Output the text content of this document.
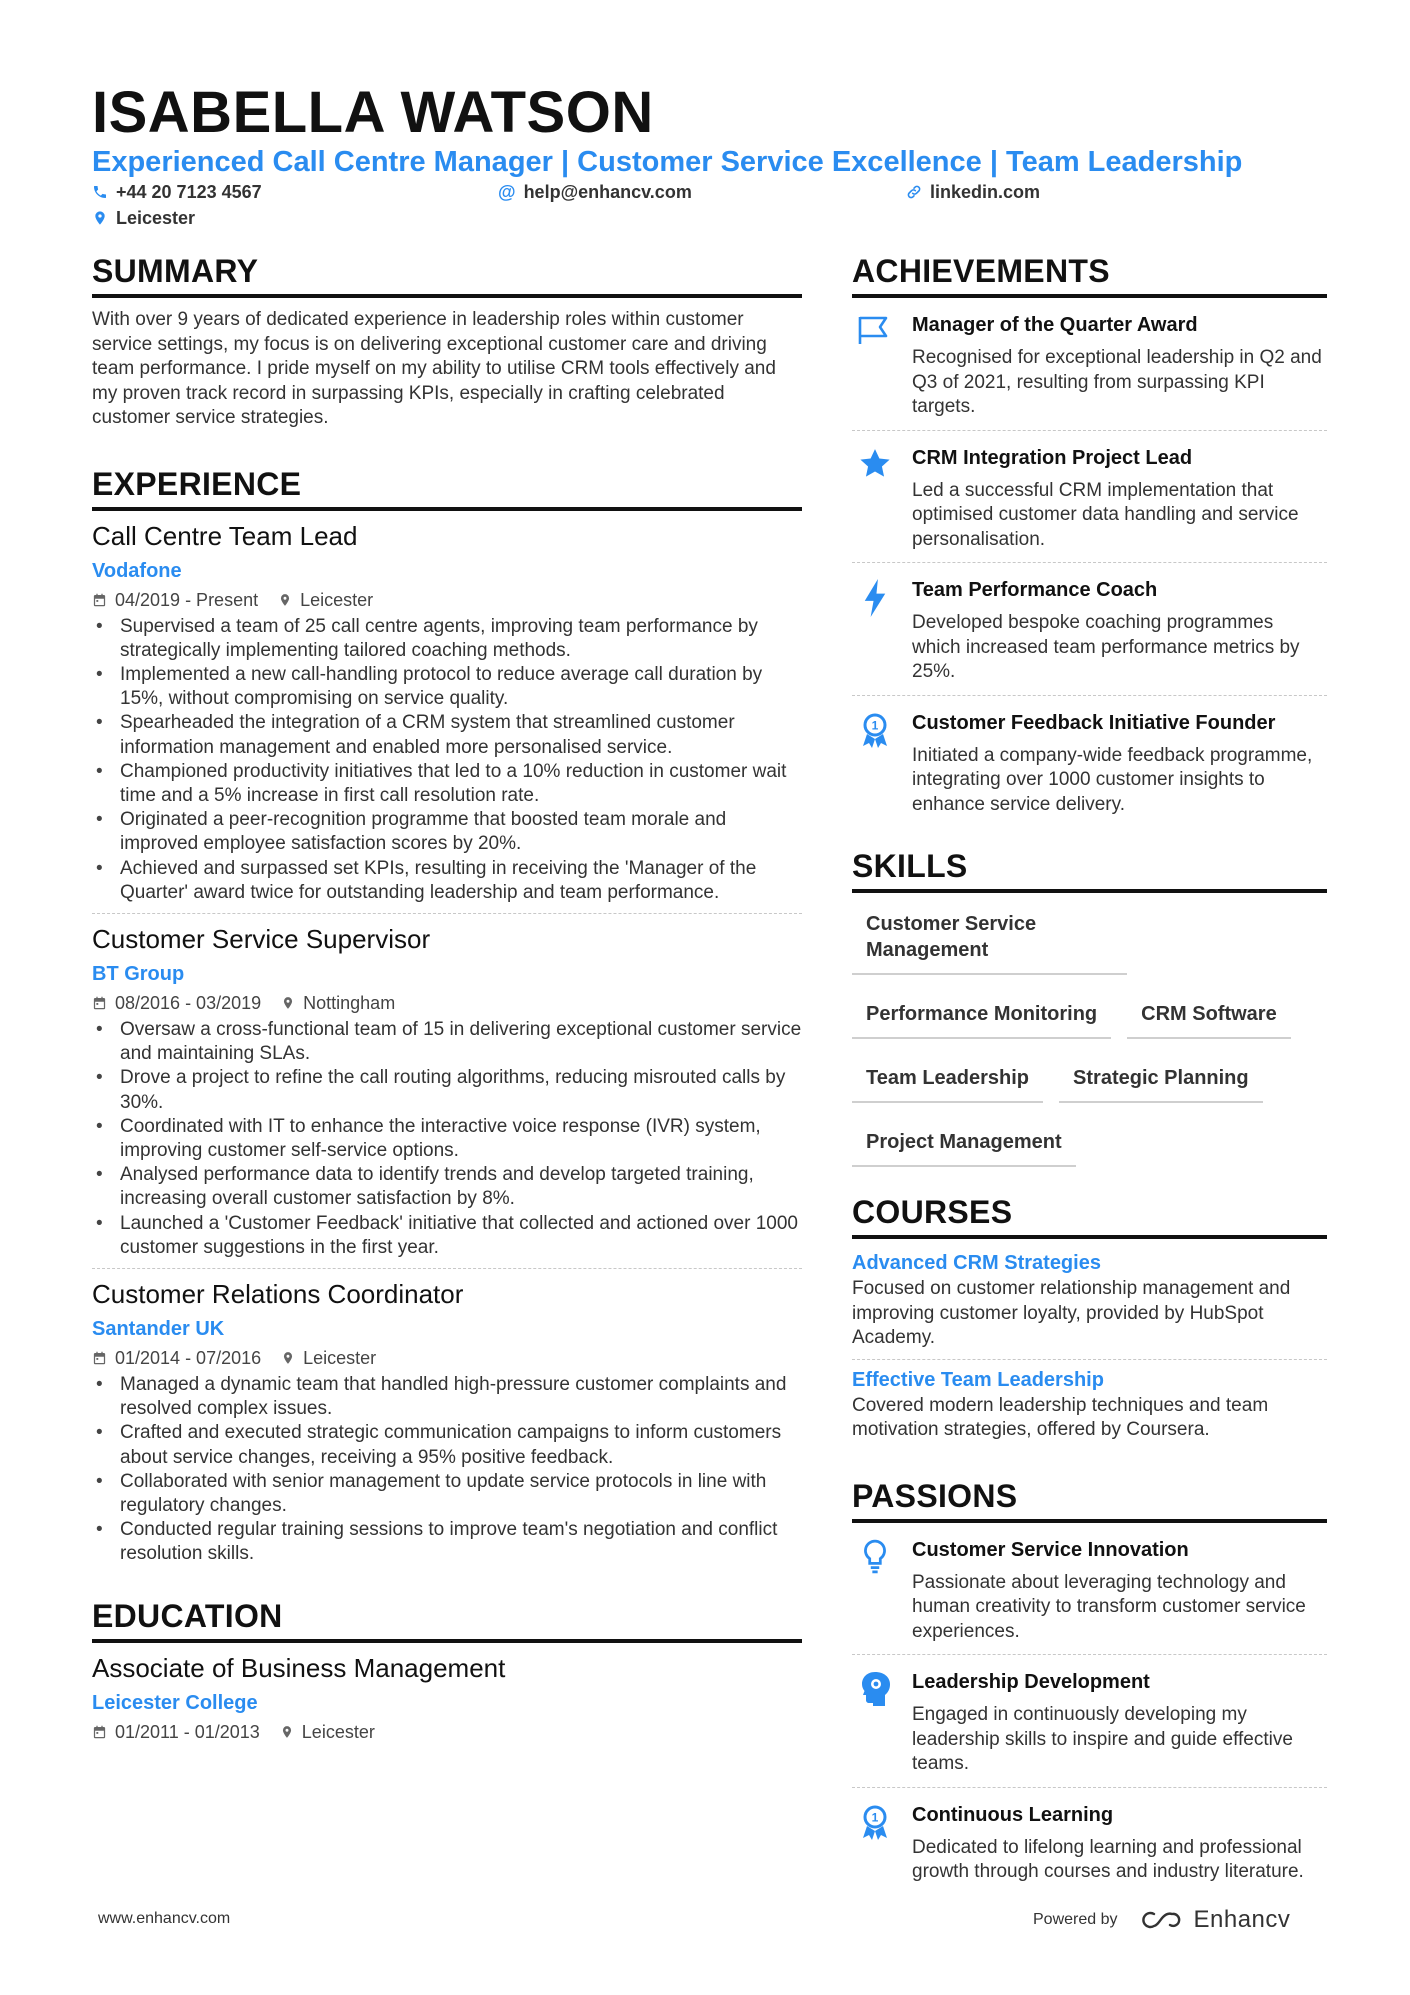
ISABELLA WATSON
Experienced Call Centre Manager | Customer Service Excellence | Team Leadership
+44 20 7123 4567	@ help@enhancv.com	linkedin.com
Leicester
SUMMARY
With over 9 years of dedicated experience in leadership roles within customer service settings, my focus is on delivering exceptional customer care and driving team performance. I pride myself on my ability to utilise CRM tools effectively and my proven track record in surpassing KPIs, especially in crafting celebrated customer service strategies.
EXPERIENCE
Call Centre Team Lead
Vodafone
04/2019 - Present Leicester
• Supervised a team of 25 call centre agents, improving team performance by strategically implementing tailored coaching methods.
• Implemented a new call-handling protocol to reduce average call duration by 15%, without compromising on service quality.
• Spearheaded the integration of a CRM system that streamlined customer information management and enabled more personalised service.
• Championed productivity initiatives that led to a 10% reduction in customer wait time and a 5% increase in first call resolution rate.
• Originated a peer-recognition programme that boosted team morale and improved employee satisfaction scores by 20%.
• Achieved and surpassed set KPIs, resulting in receiving the 'Manager of the Quarter' award twice for outstanding leadership and team performance.
Customer Service Supervisor
BT Group
08/2016 - 03/2019 Nottingham
• Oversaw a cross-functional team of 15 in delivering exceptional customer service and maintaining SLAs.
• Drove a project to refine the call routing algorithms, reducing misrouted calls by 30%.
• Coordinated with IT to enhance the interactive voice response (IVR) system, improving customer self-service options.
• Analysed performance data to identify trends and develop targeted training, increasing overall customer satisfaction by 8%.
• Launched a 'Customer Feedback' initiative that collected and actioned over 1000 customer suggestions in the first year.
Customer Relations Coordinator
Santander UK
01/2014 - 07/2016 Leicester
• Managed a dynamic team that handled high-pressure customer complaints and resolved complex issues.
• Crafted and executed strategic communication campaigns to inform customers about service changes, receiving a 95% positive feedback.
• Collaborated with senior management to update service protocols in line with regulatory changes.
• Conducted regular training sessions to improve team's negotiation and conflict resolution skills.
EDUCATION
Associate of Business Management
Leicester College
01/2011 - 01/2013 Leicester
ACHIEVEMENTS
Manager of the Quarter Award
Recognised for exceptional leadership in Q2 and Q3 of 2021, resulting from surpassing KPI targets.
CRM Integration Project Lead
Led a successful CRM implementation that optimised customer data handling and service personalisation.
Team Performance Coach
Developed bespoke coaching programmes which increased team performance metrics by 25%.
1 Customer Feedback Initiative Founder
Initiated a company-wide feedback programme, integrating over 1000 customer insights to enhance service delivery.
SKILLS
Customer Service Management
Performance Monitoring	CRM Software
Team Leadership	Strategic Planning
Project Management
COURSES
Advanced CRM Strategies
Focused on customer relationship management and improving customer loyalty, provided by HubSpot Academy.
Effective Team Leadership
Covered modern leadership techniques and team motivation strategies, offered by Coursera.
PASSIONS
Customer Service Innovation
Passionate about leveraging technology and human creativity to transform customer service experiences.
Leadership Development
Engaged in continuously developing my leadership skills to inspire and guide effective teams.
1 Continuous Learning
Dedicated to lifelong learning and professional growth through courses and industry literature.
www.enhancv.com	Powered by	Enhancv
